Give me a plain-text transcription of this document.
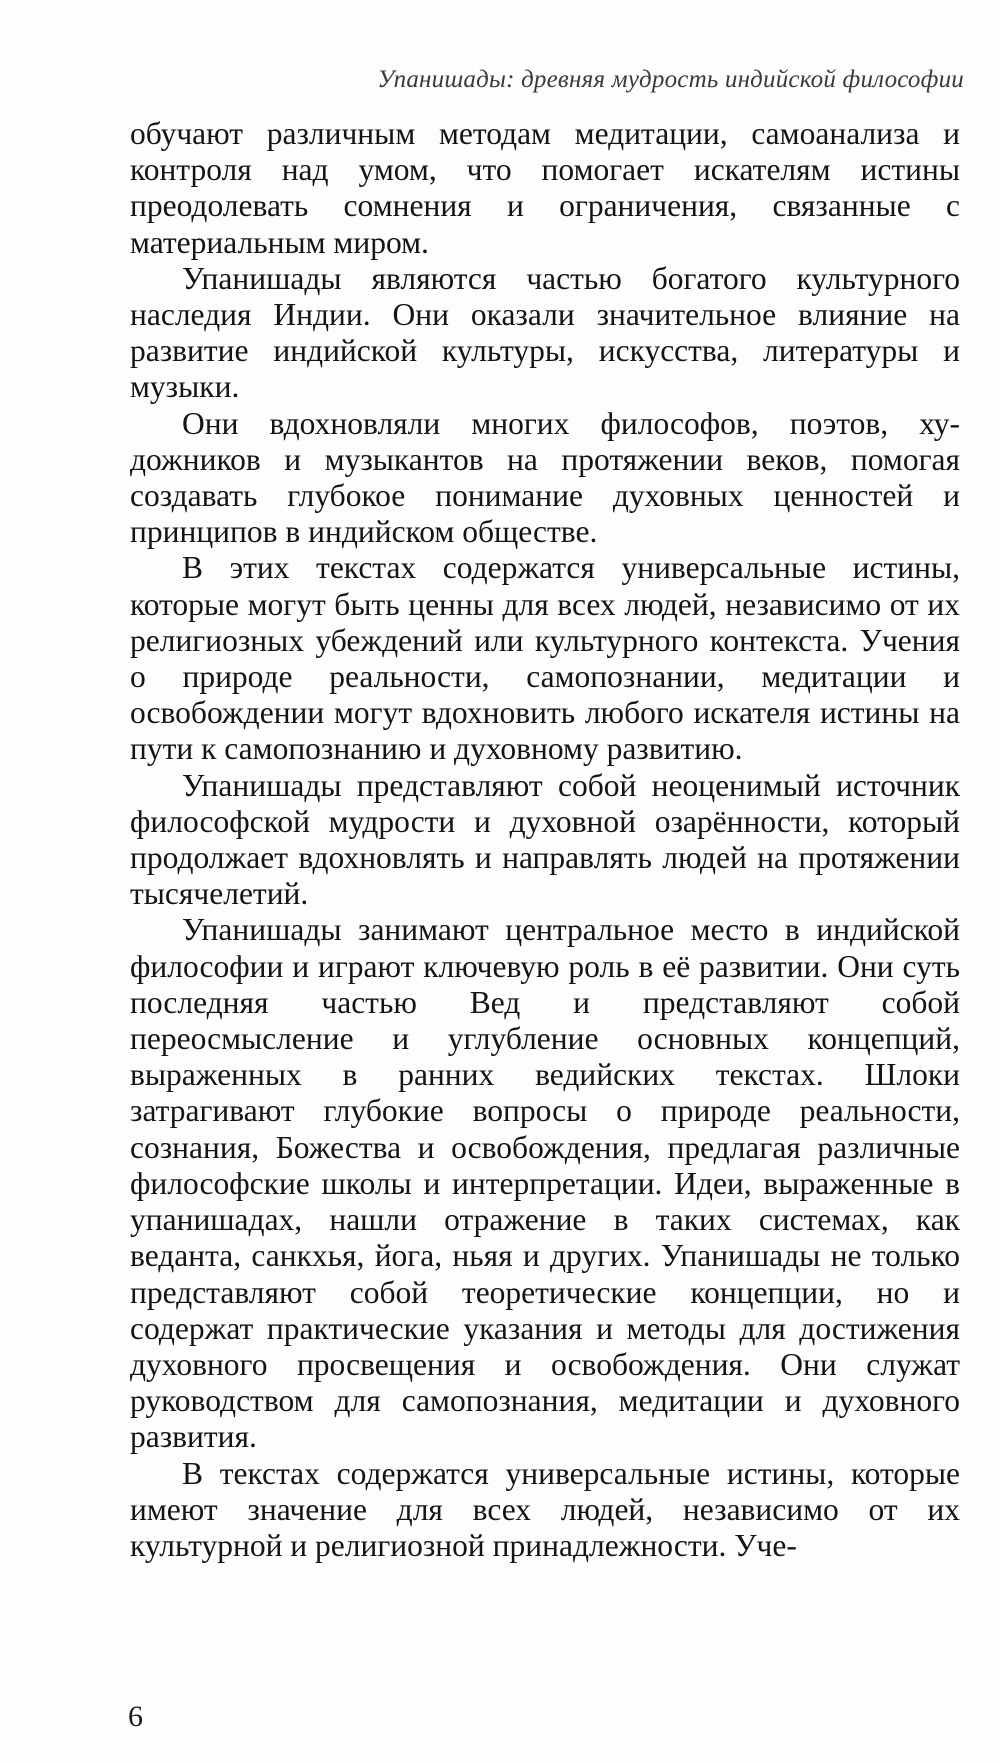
Упанишады: древняя мудрость индийской философии

обучают различным методам медитации, самоанализа и контроля над умом, что помогает искателям истины преодолевать сомнения и ограничения, связанные с материальным миром.

Упанишады являются частью богатого культурного наследия Индии. Они оказали значительное влияние на развитие индийской культуры, искусства, литературы и музыки.

Они вдохновляли многих философов, поэтов, художников и музыкантов на протяжении веков, помогая создавать глубокое понимание духовных ценностей и принципов в индийском обществе.

В этих текстах содержатся универсальные истины, которые могут быть ценны для всех людей, независимо от их религиозных убеждений или культурного контекста. Учения о природе реальности, самопознании, медитации и освобождении могут вдохновить любого искателя истины на пути к самопознанию и духовному развитию.

Упанишады представляют собой неоценимый источник философской мудрости и духовной озарённости, который продолжает вдохновлять и направлять людей на протяжении тысячелетий.

Упанишады занимают центральное место в индийской философии и играют ключевую роль в её развитии. Они суть последняя частью Вед и представляют собой переосмысление и углубление основных концепций, выраженных в ранних ведийских текстах. Шлоки затрагивают глубокие вопросы о природе реальности, сознания, Божества и освобождения, предлагая различные философские школы и интерпретации. Идеи, выраженные в упанишадах, нашли отражение в таких системах, как веданта, санкхья, йога, ньяя и других. Упанишады не только представляют собой теоретические концепции, но и содержат практические указания и методы для достижения духовного просвещения и освобождения. Они служат руководством для самопознания, медитации и духовного развития.

В текстах содержатся универсальные истины, которые имеют значение для всех людей, независимо от их культурной и религиозной принадлежности. Уче-

6
